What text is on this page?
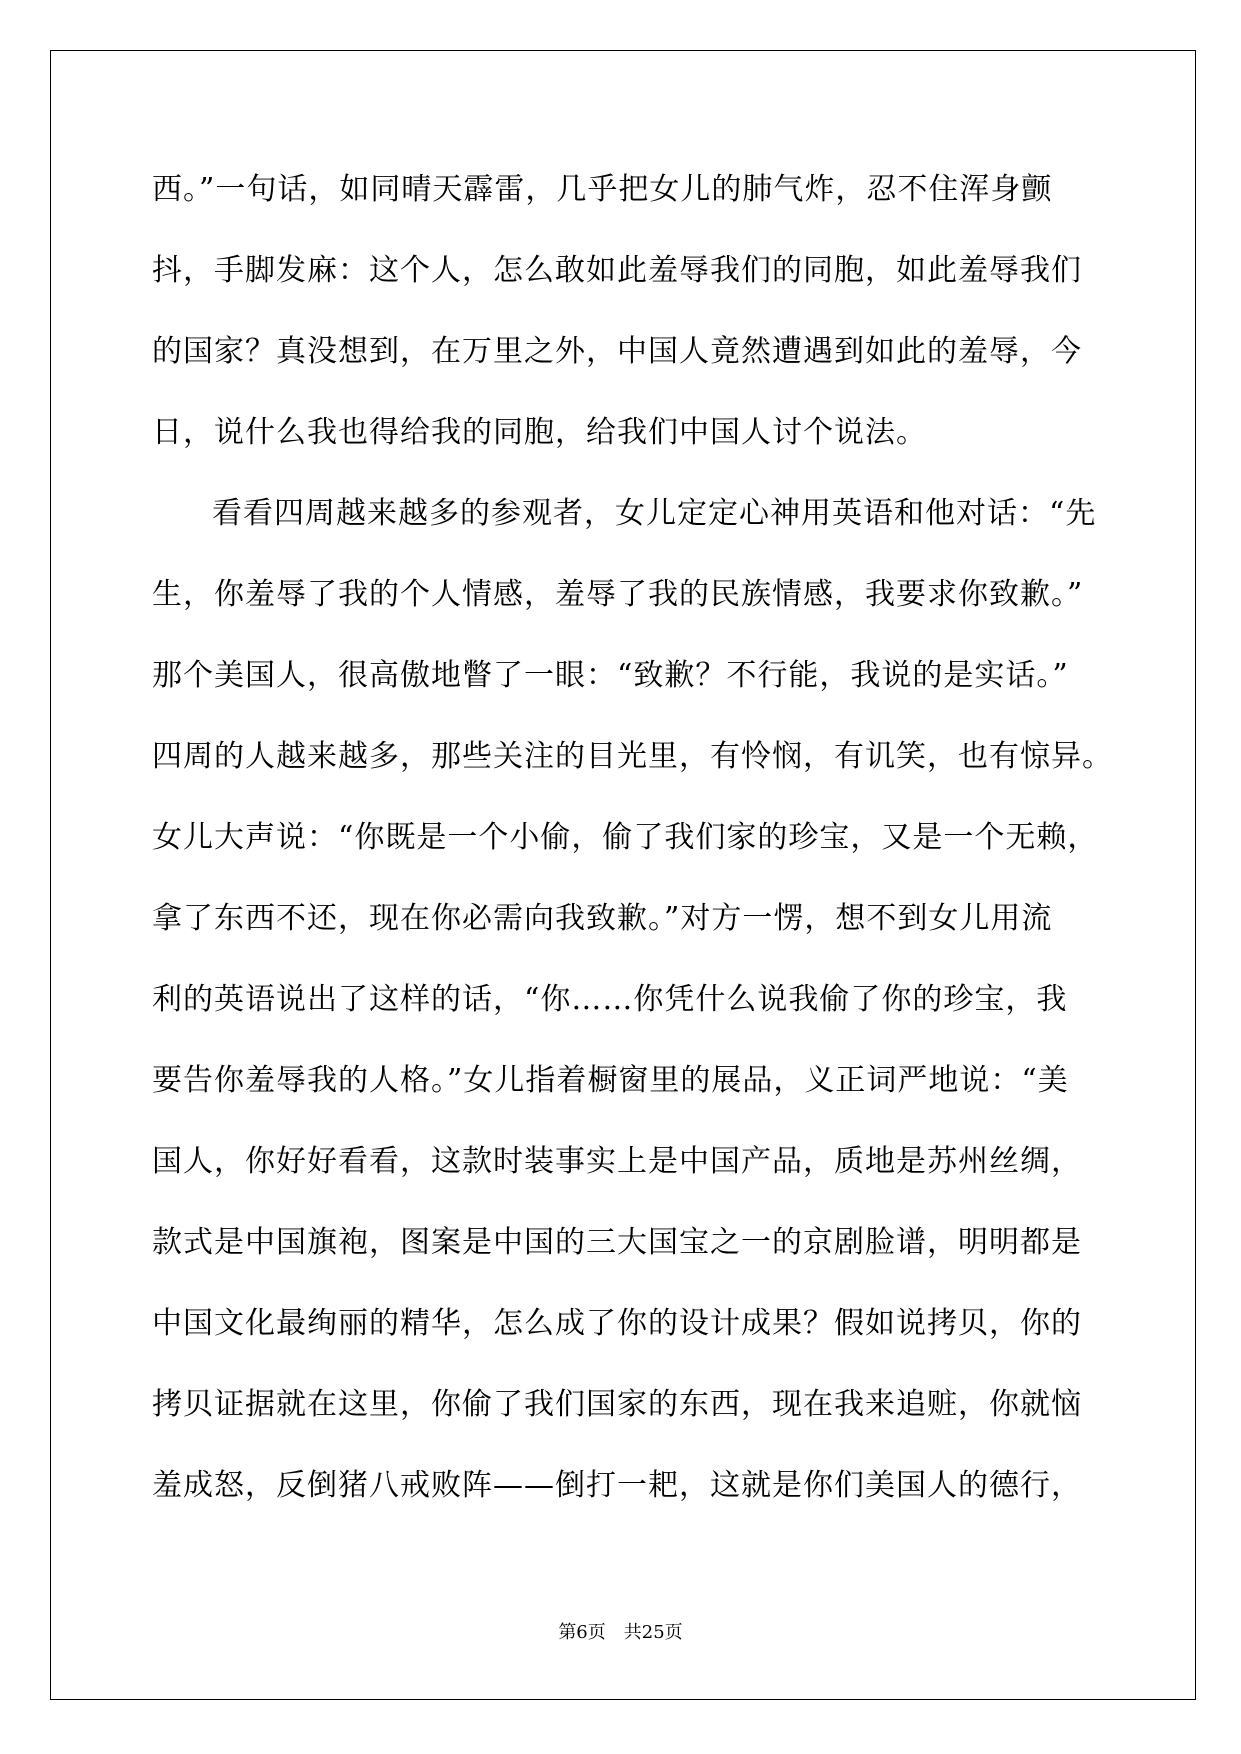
西。”一句话，如同晴天霹雷，几乎把女儿的肺气炸，忍不住浑身颤
抖，手脚发麻：这个人，怎么敢如此羞辱我们的同胞，如此羞辱我们
的国家？真没想到，在万里之外，中国人竟然遭遇到如此的羞辱，今
日，说什么我也得给我的同胞，给我们中国人讨个说法。
看看四周越来越多的参观者，女儿定定心神用英语和他对话：“先
生，你羞辱了我的个人情感，羞辱了我的民族情感，我要求你致歉。”
那个美国人，很高傲地瞥了一眼：“致歉？不行能，我说的是实话。”
四周的人越来越多，那些关注的目光里，有怜悯，有讥笑，也有惊异。
女儿大声说：“你既是一个小偷，偷了我们家的珍宝，又是一个无赖，
拿了东西不还，现在你必需向我致歉。”对方一愣，想不到女儿用流
利的英语说出了这样的话，“你……你凭什么说我偷了你的珍宝，我
要告你羞辱我的人格。”女儿指着橱窗里的展品，义正词严地说：“美
国人，你好好看看，这款时装事实上是中国产品，质地是苏州丝绸，
款式是中国旗袍，图案是中国的三大国宝之一的京剧脸谱，明明都是
中国文化最绚丽的精华，怎么成了你的设计成果？假如说拷贝，你的
拷贝证据就在这里，你偷了我们国家的东西，现在我来追赃，你就恼
羞成怒，反倒猪八戒败阵——倒打一耙，这就是你们美国人的德行，
第6页　共25页
